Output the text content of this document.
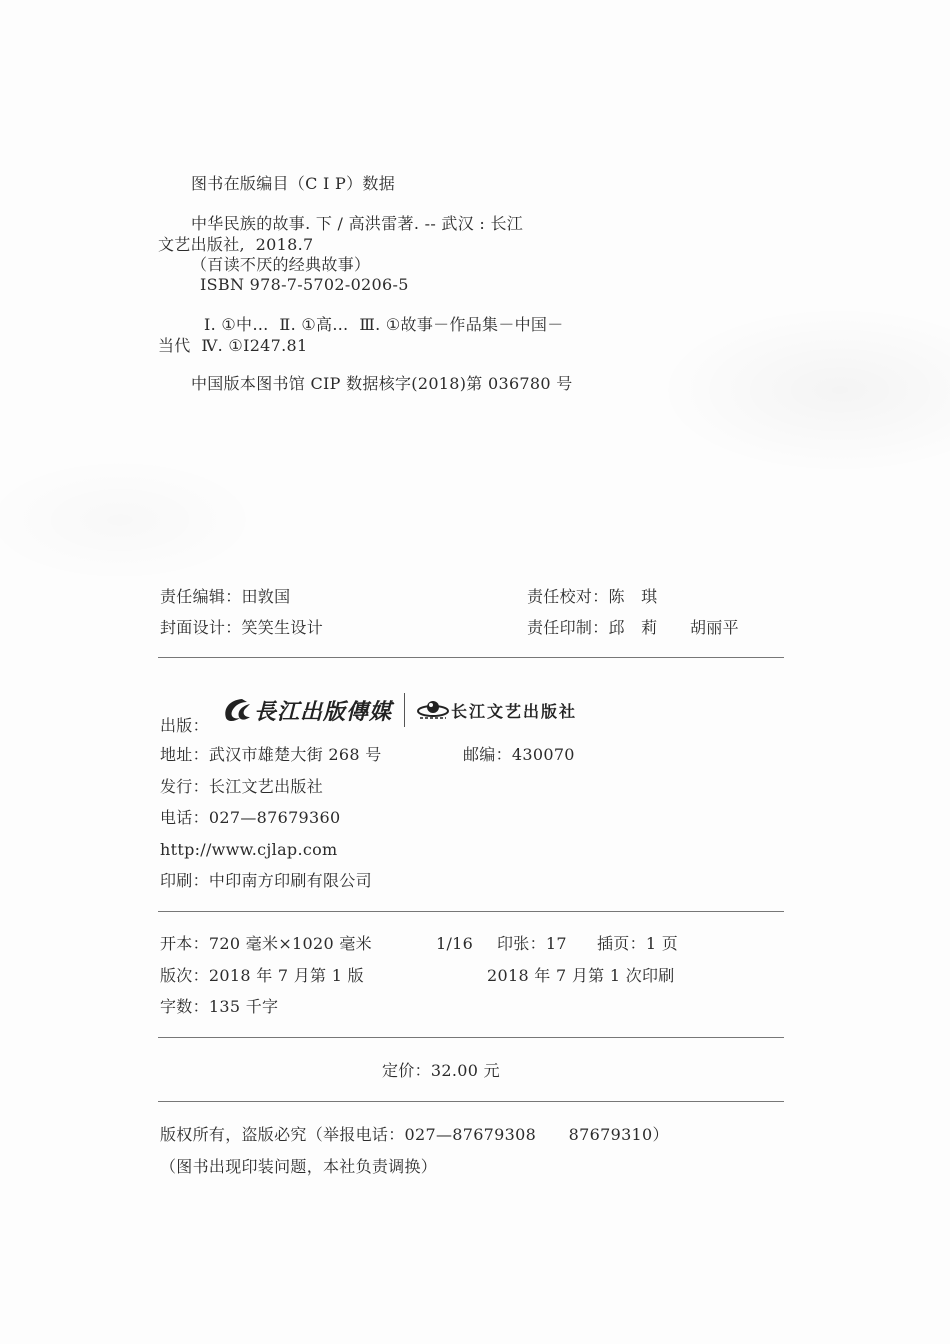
图书在版编目（C I P）数据
中华民族的故事. 下 / 高洪雷著. -- 武汉 : 长江
文艺出版社,  2018.7
（百读不厌的经典故事）
ISBN 978-7-5702-0206-5
Ⅰ. ①中…  Ⅱ. ①高…  Ⅲ. ①故事－作品集－中国－
当代  Ⅳ. ①I247.81
中国版本图书馆 CIP 数据核字(2018)第 036780 号
责任编辑：田敦国	责任校对：陈　琪
封面设计：笑笑生设计	责任印制：邱　莉　　胡丽平
長江出版傳媒	长江文艺出版社
出版：
地址：武汉市雄楚大街 268 号	邮编：430070
发行：长江文艺出版社
电话：027—87679360
http://www.cjlap.com
印刷：中印南方印刷有限公司
开本：720 毫米×1020 毫米	1/16 印张：17 插页：1 页
版次：2018 年 7 月第 1 版	2018 年 7 月第 1 次印刷
字数：135 千字
定价：32.00 元
版权所有，盗版必究（举报电话：027—87679308　　87679310）
（图书出现印装问题，本社负责调换）
